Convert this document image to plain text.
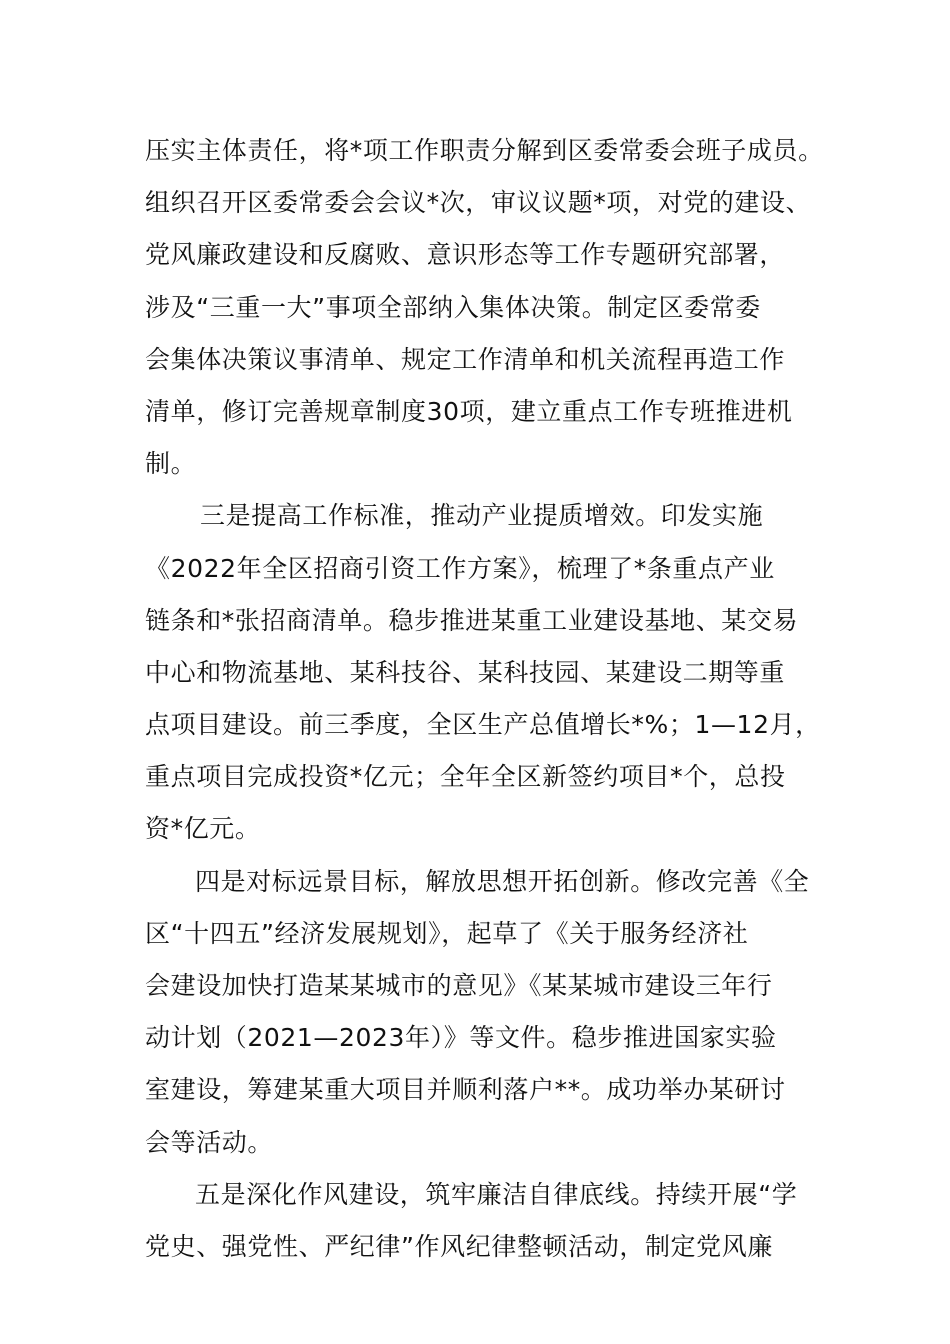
压实主体责任，将*项工作职责分解到区委常委会班子成员。
组织召开区委常委会会议*次，审议议题*项，对党的建设、
党风廉政建设和反腐败、意识形态等工作专题研究部署，
涉及“三重一大”事项全部纳入集体决策。制定区委常委
会集体决策议事清单、规定工作清单和机关流程再造工作
清单，修订完善规章制度30项，建立重点工作专班推进机
制。
三是提高工作标准，推动产业提质增效。印发实施
《2022年全区招商引资工作方案》，梳理了*条重点产业
链条和*张招商清单。稳步推进某重工业建设基地、某交易
中心和物流基地、某科技谷、某科技园、某建设二期等重
点项目建设。前三季度，全区生产总值增长*%；1—12月，
重点项目完成投资*亿元；全年全区新签约项目*个，总投
资*亿元。
四是对标远景目标，解放思想开拓创新。修改完善《全
区“十四五”经济发展规划》，起草了《关于服务经济社
会建设加快打造某某城市的意见》《某某城市建设三年行
动计划（2021—2023年）》等文件。稳步推进国家实验
室建设，筹建某重大项目并顺利落户**。成功举办某研讨
会等活动。
五是深化作风建设，筑牢廉洁自律底线。持续开展“学
党史、强党性、严纪律”作风纪律整顿活动，制定党风廉
